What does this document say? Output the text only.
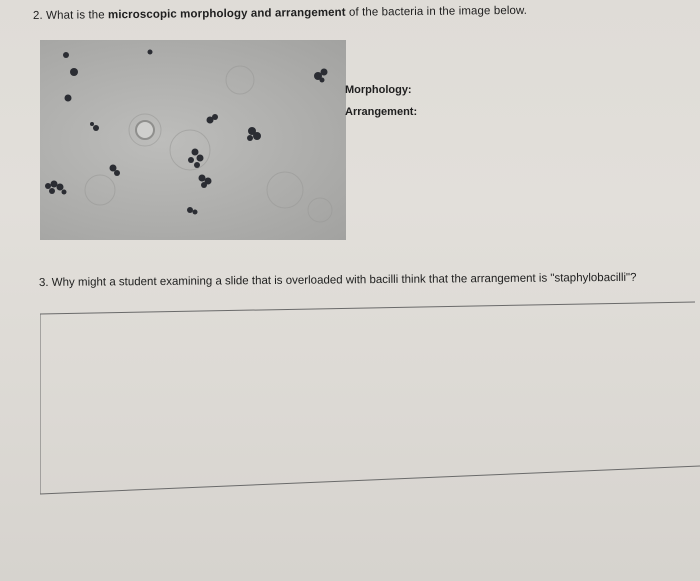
2. What is the microscopic morphology and arrangement of the bacteria in the image below.
Morphology:
Arrangement:
3. Why might a student examining a slide that is overloaded with bacilli think that the arrangement is "staphylobacilli"?
